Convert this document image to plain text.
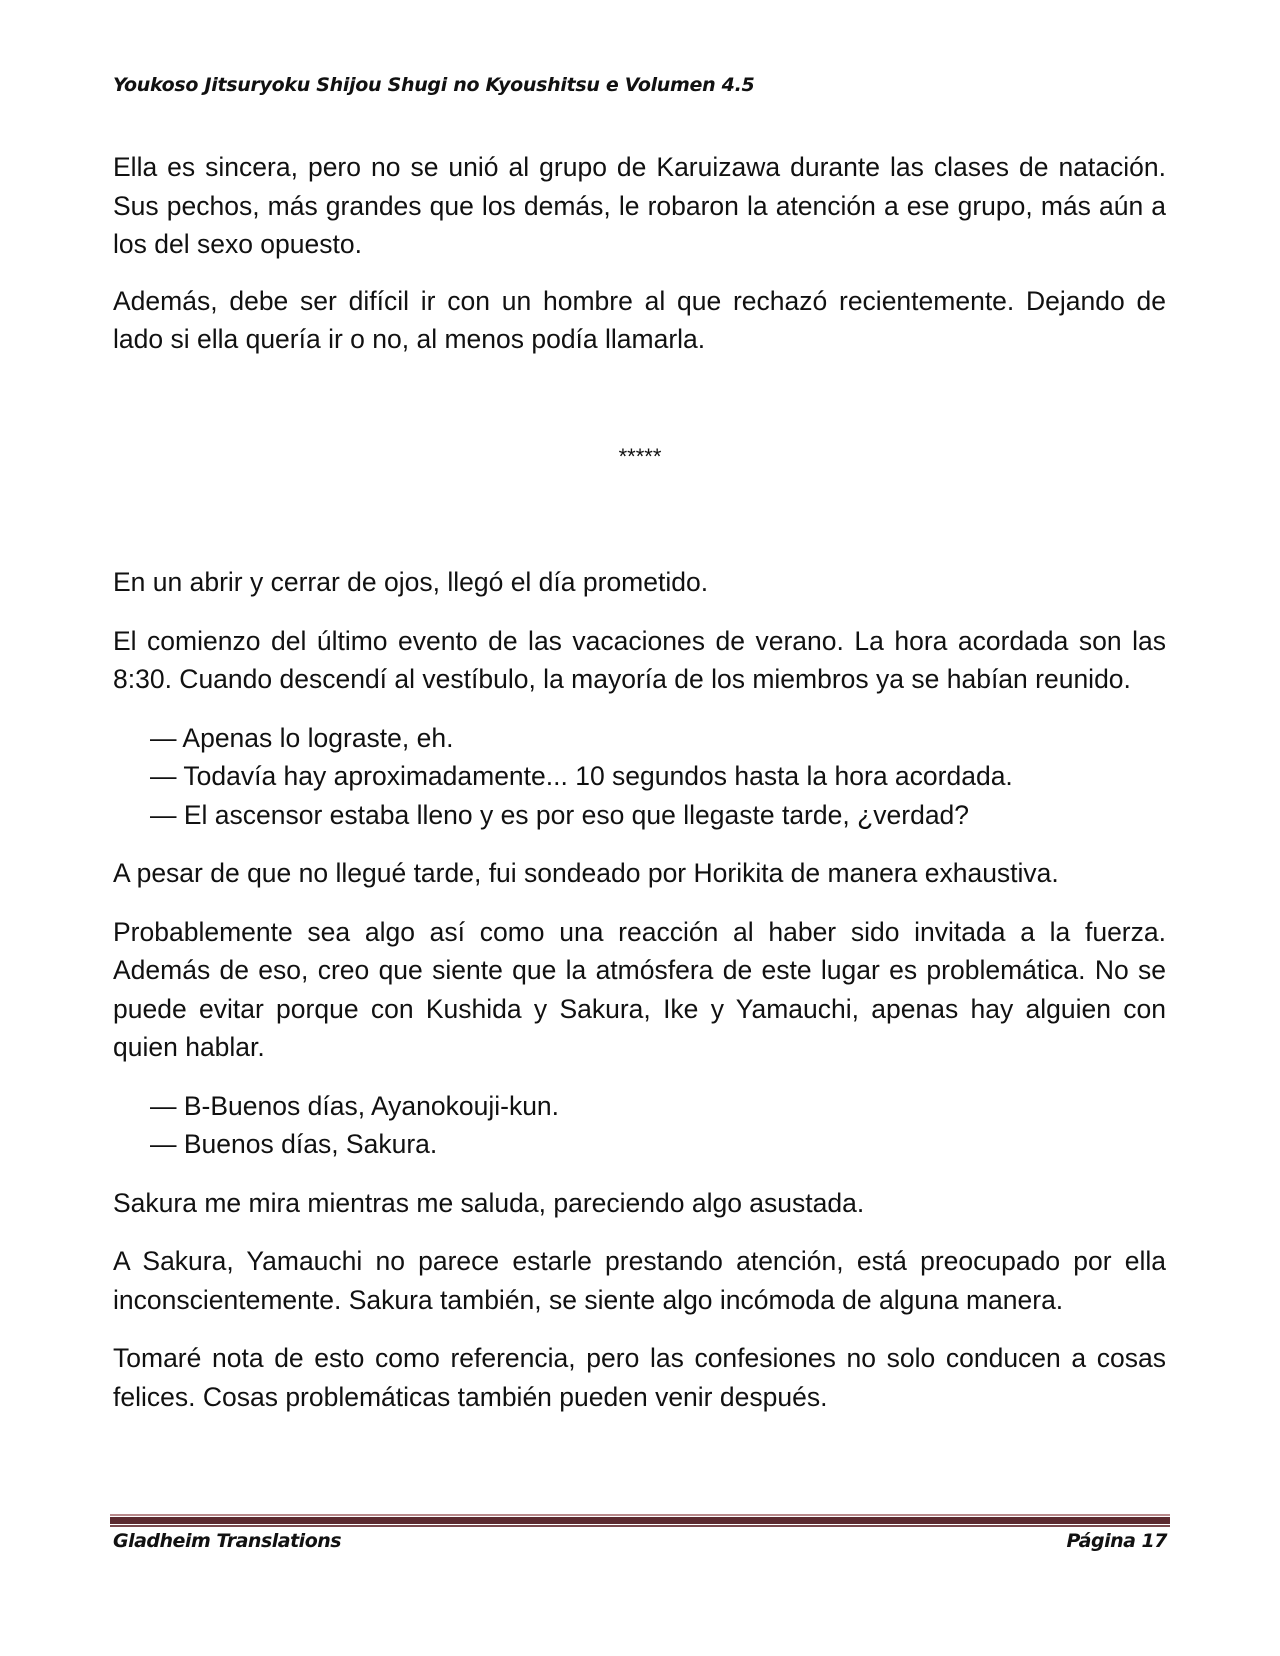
Youkoso Jitsuryoku Shijou Shugi no Kyoushitsu e Volumen 4.5

Ella es sincera, pero no se unió al grupo de Karuizawa durante las clases de natación. Sus pechos, más grandes que los demás, le robaron la atención a ese grupo, más aún a los del sexo opuesto.

Además, debe ser difícil ir con un hombre al que rechazó recientemente. Dejando de lado si ella quería ir o no, al menos podía llamarla.

*****

En un abrir y cerrar de ojos, llegó el día prometido.

El comienzo del último evento de las vacaciones de verano. La hora acordada son las 8:30. Cuando descendí al vestíbulo, la mayoría de los miembros ya se habían reunido.

— Apenas lo lograste, eh.
— Todavía hay aproximadamente... 10 segundos hasta la hora acordada.
— El ascensor estaba lleno y es por eso que llegaste tarde, ¿verdad?

A pesar de que no llegué tarde, fui sondeado por Horikita de manera exhaustiva.

Probablemente sea algo así como una reacción al haber sido invitada a la fuerza. Además de eso, creo que siente que la atmósfera de este lugar es problemática. No se puede evitar porque con Kushida y Sakura, Ike y Yamauchi, apenas hay alguien con quien hablar.

— B-Buenos días, Ayanokouji-kun.
— Buenos días, Sakura.

Sakura me mira mientras me saluda, pareciendo algo asustada.

A Sakura, Yamauchi no parece estarle prestando atención, está preocupado por ella inconscientemente. Sakura también, se siente algo incómoda de alguna manera.

Tomaré nota de esto como referencia, pero las confesiones no solo conducen a cosas felices. Cosas problemáticas también pueden venir después.

Gladheim Translations	Página 17
